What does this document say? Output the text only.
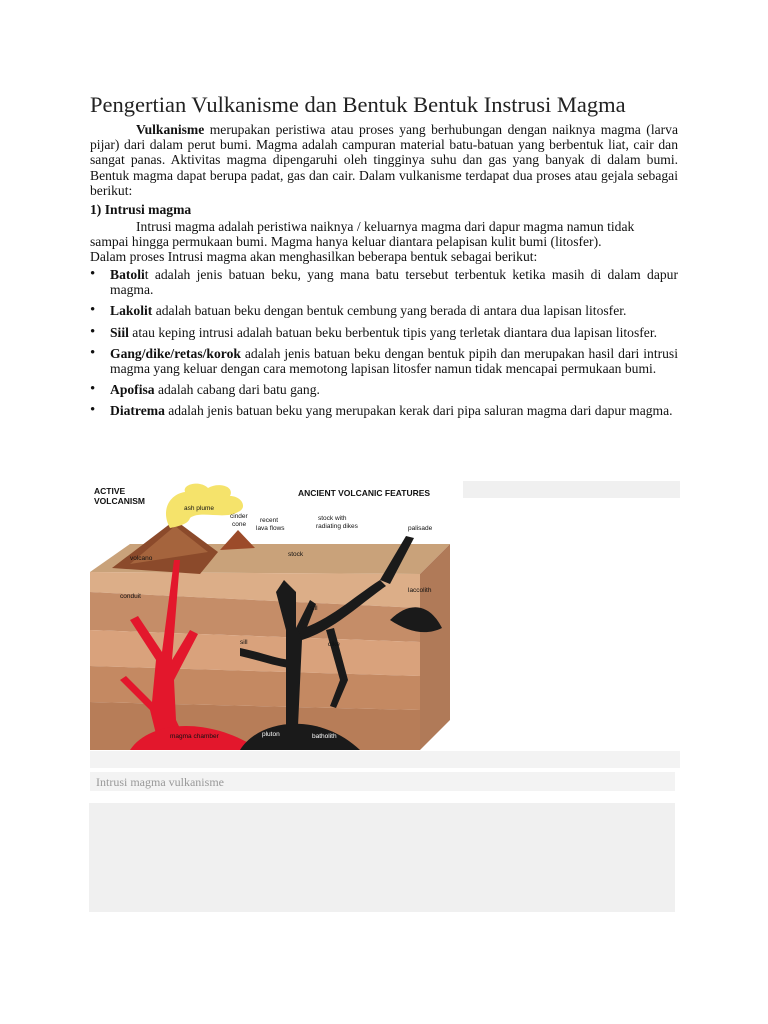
Pengertian Vulkanisme dan Bentuk Bentuk Instrusi Magma

Vulkanisme merupakan peristiwa atau proses yang berhubungan dengan naiknya magma (larva pijar) dari dalam perut bumi. Magma adalah campuran material batu-batuan yang berbentuk liat, cair dan sangat panas. Aktivitas magma dipengaruhi oleh tingginya suhu dan gas yang banyak di dalam bumi. Bentuk magma dapat berupa padat, gas dan cair. Dalam vulkanisme terdapat dua proses atau gejala sebagai berikut:

1) Intrusi magma

Intrusi magma adalah peristiwa naiknya / keluarnya magma dari dapur magma namun tidak
sampai hingga permukaan bumi. Magma hanya keluar diantara pelapisan kulit bumi (litosfer).
Dalam proses Intrusi magma akan menghasilkan beberapa bentuk sebagai berikut:

• Batolit adalah jenis batuan beku, yang mana batu tersebut terbentuk ketika masih di dalam dapur magma.
• Lakolit adalah batuan beku dengan bentuk cembung yang berada di antara dua lapisan litosfer.
• Siil atau keping intrusi adalah batuan beku berbentuk tipis yang terletak diantara dua lapisan litosfer.
• Gang/dike/retas/korok adalah jenis batuan beku dengan bentuk pipih dan merupakan hasil dari intrusi magma yang keluar dengan cara memotong lapisan litosfer namun tidak mencapai permukaan bumi.
• Apofisa adalah cabang dari batu gang.
• Diatrema adalah jenis batuan beku yang merupakan kerak dari pipa saluran magma dari dapur magma.
ACTIVE
VOLCANISM
ANCIENT VOLCANIC FEATURES
ash plume
cinder
cone
recent
lava flows
stock with
radiating dikes	palisade
volcano
stock
conduit
laccolith
sill
sill	dike
magma chamber	pluton	batholith
Intrusi magma vulkanisme
